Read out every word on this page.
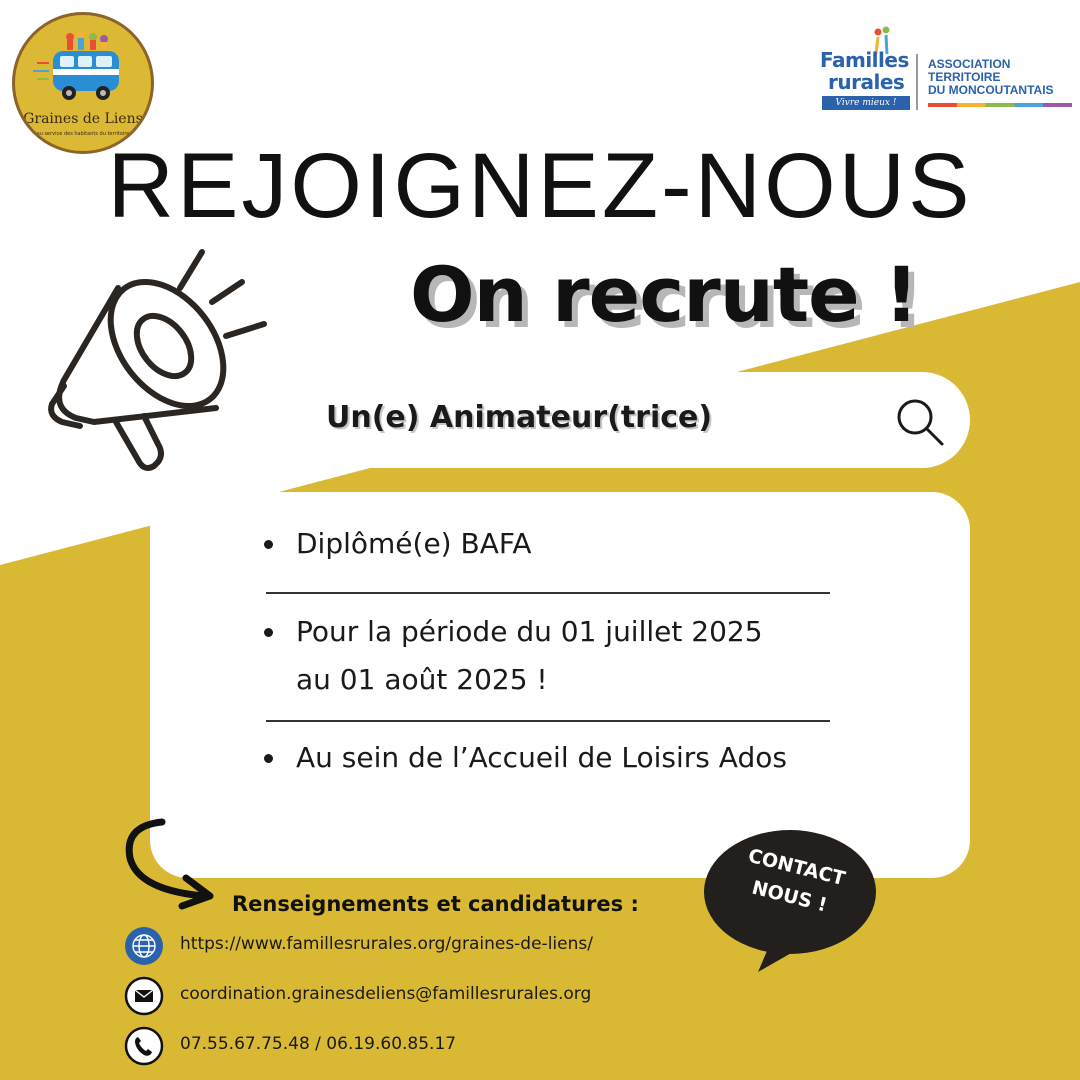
Graines de Liens
au service des habitants du territoire
Familles
rurales
Vivre mieux !
ASSOCIATION
TERRITOIRE
DU MONCOUTANTAIS
REJOIGNEZ-NOUS
On recrute !
Un(e) Animateur(trice)
Diplômé(e) BAFA
Pour la période du 01 juillet 2025 au 01 août 2025 !
Au sein de l’Accueil de Loisirs Ados
CONTACT NOUS !
Renseignements et candidatures :
https://www.famillesrurales.org/graines-de-liens/
coordination.grainesdeliens@famillesrurales.org
07.55.67.75.48 / 06.19.60.85.17
